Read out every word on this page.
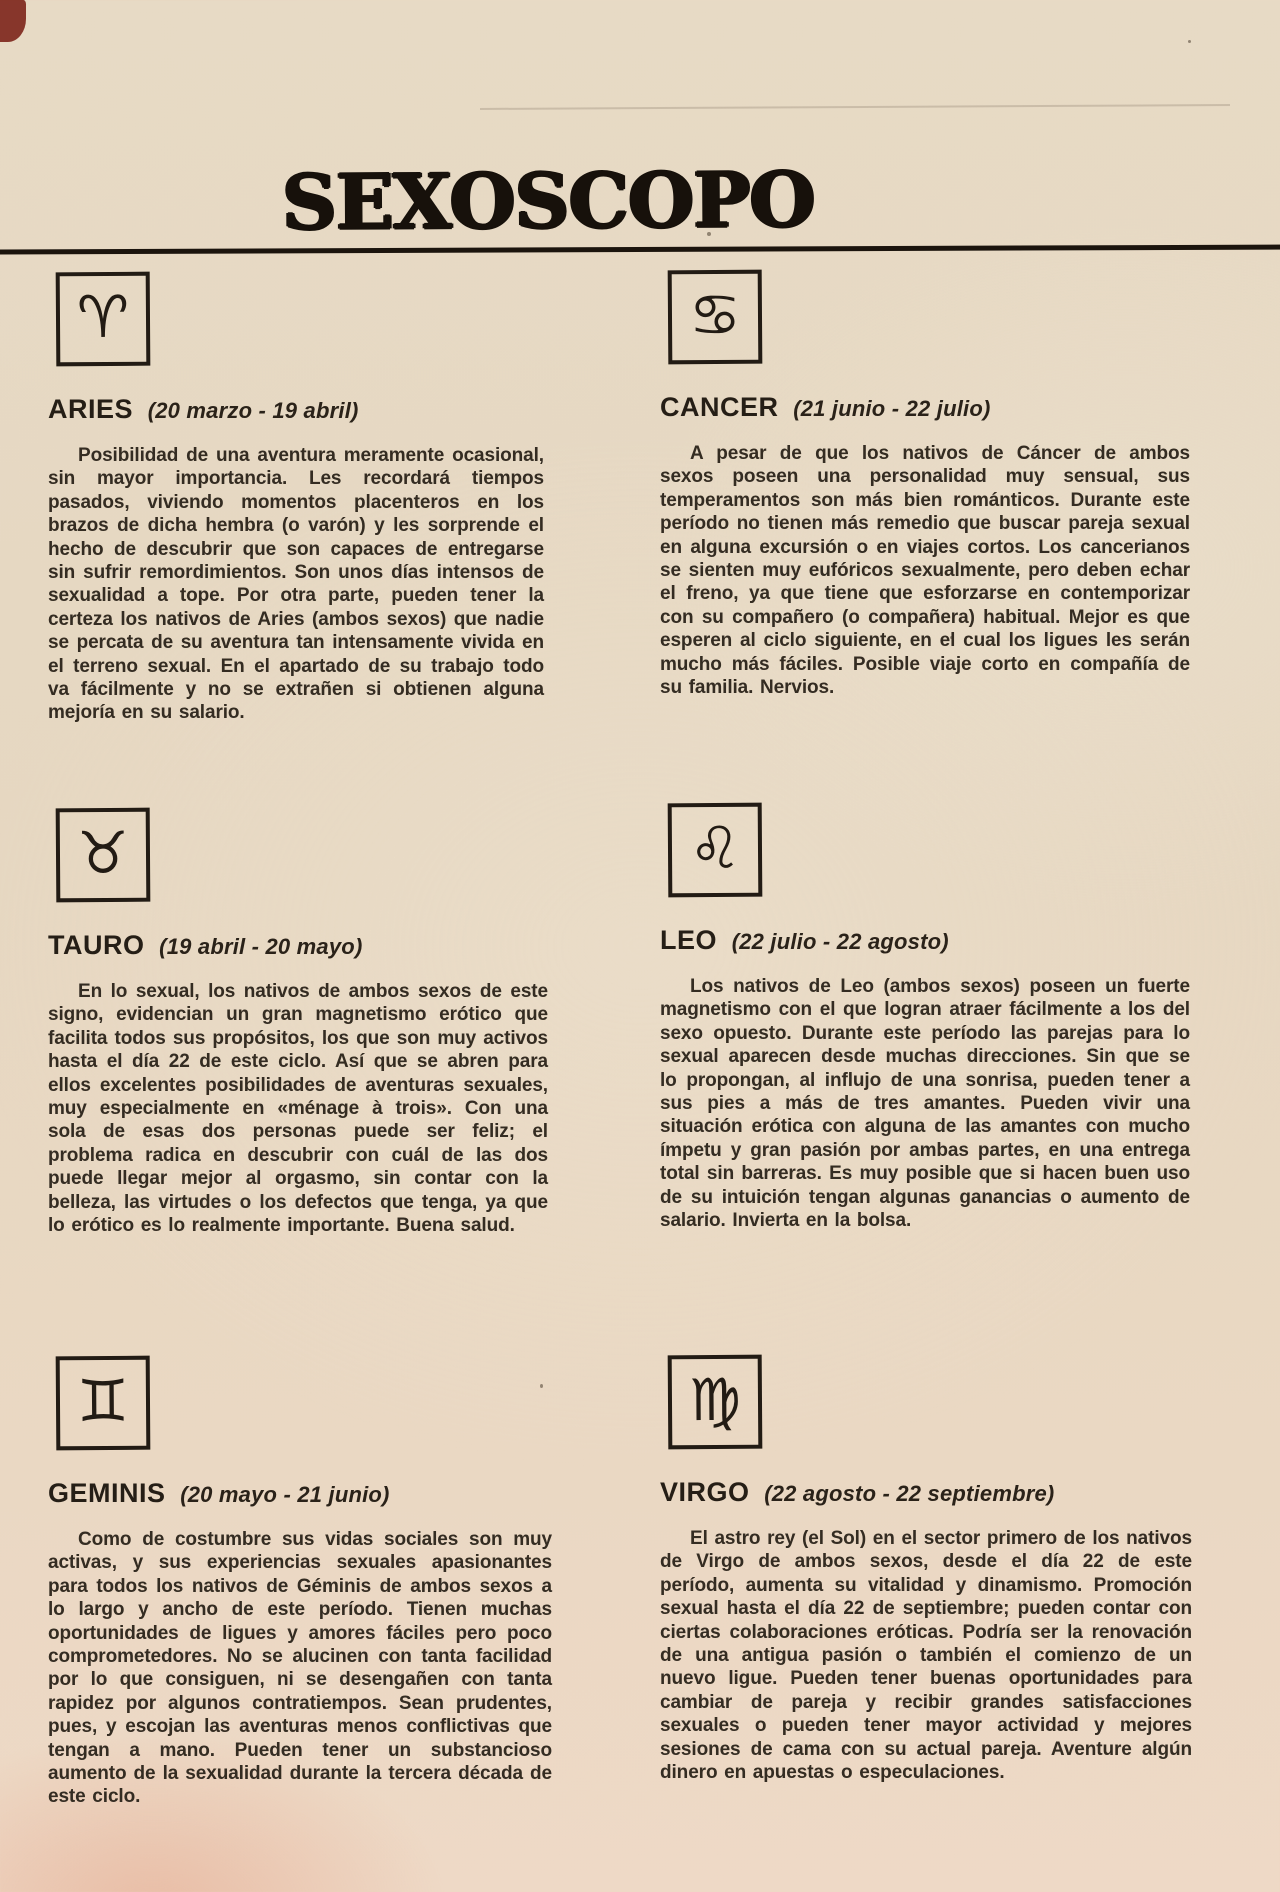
SEXOSCOPO
♈
ARIES (20 marzo - 19 abril)

Posibilidad de una aventura meramente ocasional, sin mayor importancia. Les recordará tiempos pasados, viviendo momentos placenteros en los brazos de dicha hembra (o varón) y les sorprende el hecho de descubrir que son capaces de entregarse sin sufrir remordimientos. Son unos días intensos de sexualidad a tope. Por otra parte, pueden tener la certeza los nativos de Aries (ambos sexos) que nadie se percata de su aventura tan intensamente vivida en el terreno sexual. En el apartado de su trabajo todo va fácilmente y no se extrañen si obtienen alguna mejoría en su salario.

♋
CANCER (21 junio - 22 julio)

A pesar de que los nativos de Cáncer de ambos sexos poseen una personalidad muy sensual, sus temperamentos son más bien románticos. Durante este período no tienen más remedio que buscar pareja sexual en alguna excursión o en viajes cortos. Los cancerianos se sienten muy eufóricos sexualmente, pero deben echar el freno, ya que tiene que esforzarse en contemporizar con su compañero (o compañera) habitual. Mejor es que esperen al ciclo siguiente, en el cual los ligues les serán mucho más fáciles. Posible viaje corto en compañía de su familia. Nervios.

♉
TAURO (19 abril - 20 mayo)

En lo sexual, los nativos de ambos sexos de este signo, evidencian un gran magnetismo erótico que facilita todos sus propósitos, los que son muy activos hasta el día 22 de este ciclo. Así que se abren para ellos excelentes posibilidades de aventuras sexuales, muy especialmente en «ménage à trois». Con una sola de esas dos personas puede ser feliz; el problema radica en descubrir con cuál de las dos puede llegar mejor al orgasmo, sin contar con la belleza, las virtudes o los defectos que tenga, ya que lo erótico es lo realmente importante. Buena salud.

♌
LEO (22 julio - 22 agosto)

Los nativos de Leo (ambos sexos) poseen un fuerte magnetismo con el que logran atraer fácilmente a los del sexo opuesto. Durante este período las parejas para lo sexual aparecen desde muchas direcciones. Sin que se lo propongan, al influjo de una sonrisa, pueden tener a sus pies a más de tres amantes. Pueden vivir una situación erótica con alguna de las amantes con mucho ímpetu y gran pasión por ambas partes, en una entrega total sin barreras. Es muy posible que si hacen buen uso de su intuición tengan algunas ganancias o aumento de salario. Invierta en la bolsa.

♊
GEMINIS (20 mayo - 21 junio)

Como de costumbre sus vidas sociales son muy activas, y sus experiencias sexuales apasionantes para todos los nativos de Géminis de ambos sexos a lo largo y ancho de este período. Tienen muchas oportunidades de ligues y amores fáciles pero poco comprometedores. No se alucinen con tanta facilidad por lo que consiguen, ni se desengañen con tanta rapidez por algunos contratiempos. Sean prudentes, pues, y escojan las aventuras menos conflictivas que tengan a mano. Pueden tener un substancioso aumento de la sexualidad durante la tercera década de este ciclo.

♍
VIRGO (22 agosto - 22 septiembre)

El astro rey (el Sol) en el sector primero de los nativos de Virgo de ambos sexos, desde el día 22 de este período, aumenta su vitalidad y dinamismo. Promoción sexual hasta el día 22 de septiembre; pueden contar con ciertas colaboraciones eróticas. Podría ser la renovación de una antigua pasión o también el comienzo de un nuevo ligue. Pueden tener buenas oportunidades para cambiar de pareja y recibir grandes satisfacciones sexuales o pueden tener mayor actividad y mejores sesiones de cama con su actual pareja. Aventure algún dinero en apuestas o especulaciones.
